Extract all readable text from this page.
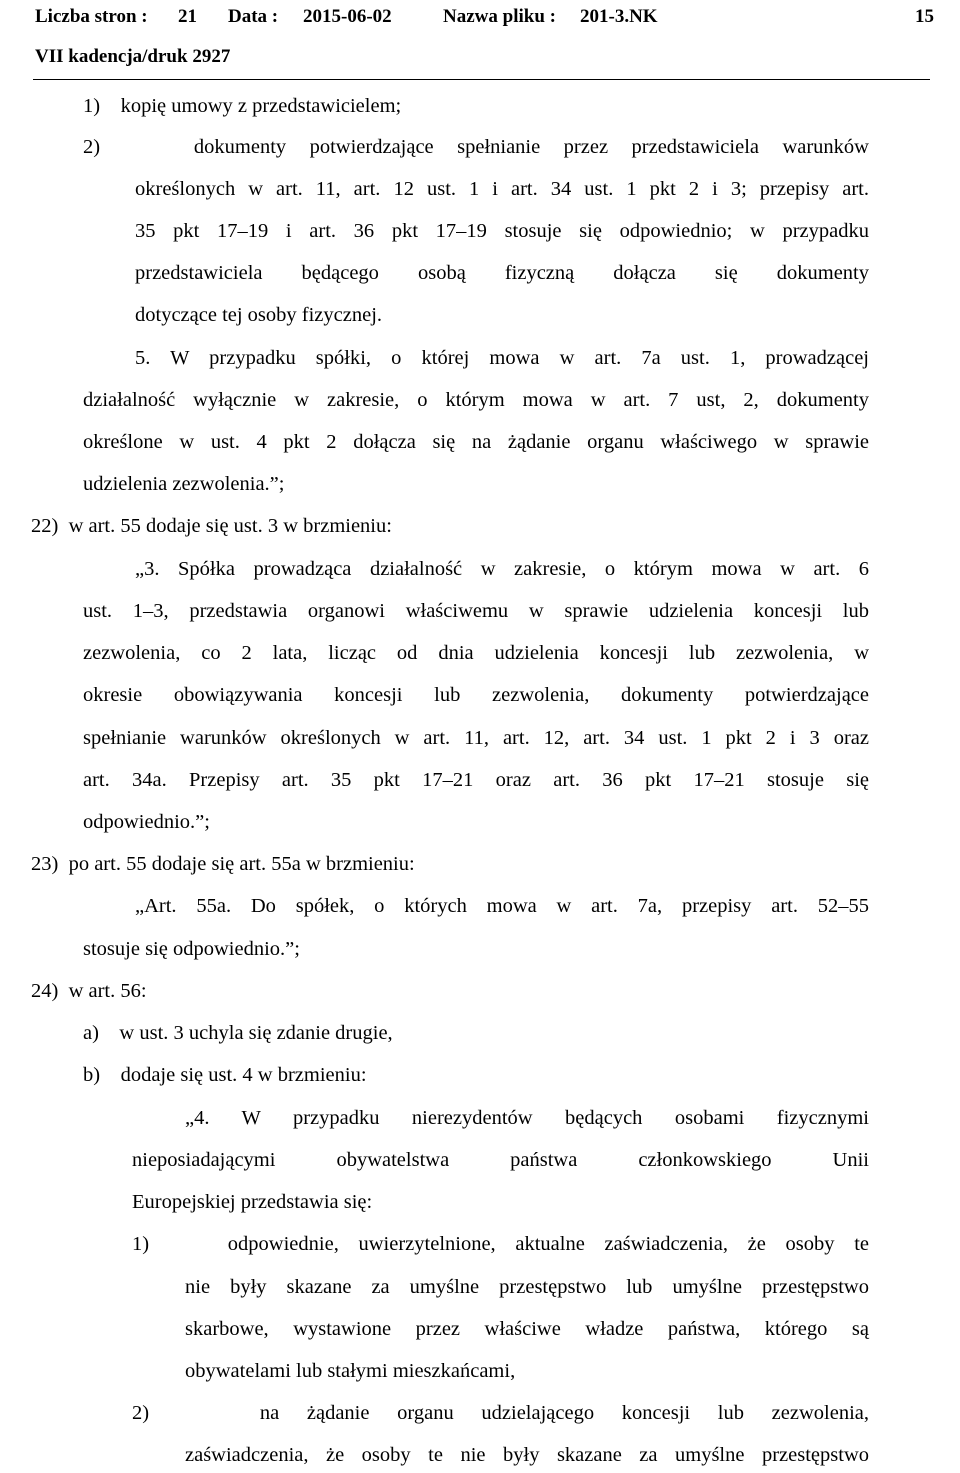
Liczba stron : 21 Data : 2015-06-02	Nazwa pliku : 201-3.NK	15
VII kadencja/druk 2927
1)    kopię umowy z przedstawicielem;
2)    dokumenty potwierdzające spełnianie przez przedstawiciela warunków
określonych w art. 11, art. 12 ust. 1 i art. 34 ust. 1 pkt 2 i 3; przepisy art.
35 pkt 17–19 i art. 36 pkt 17–19 stosuje się odpowiednio; w przypadku
przedstawiciela będącego osobą fizyczną dołącza się dokumenty
dotyczące tej osoby fizycznej.
5. W przypadku spółki, o której mowa w art. 7a ust. 1, prowadzącej
działalność wyłącznie w zakresie, o którym mowa w art. 7 ust, 2, dokumenty
określone w ust. 4 pkt 2 dołącza się na żądanie organu właściwego w sprawie
udzielenia zezwolenia.”;
22)  w art. 55 dodaje się ust. 3 w brzmieniu:
„3. Spółka prowadząca działalność w zakresie, o którym mowa w art. 6
ust. 1–3, przedstawia organowi właściwemu w sprawie udzielenia koncesji lub
zezwolenia, co 2 lata, licząc od dnia udzielenia koncesji lub zezwolenia, w
okresie obowiązywania koncesji lub zezwolenia, dokumenty potwierdzające
spełnianie warunków określonych w art. 11, art. 12, art. 34 ust. 1 pkt 2 i 3 oraz
art. 34a. Przepisy art. 35 pkt 17–21 oraz art. 36 pkt 17–21 stosuje się
odpowiednio.”;
23)  po art. 55 dodaje się art. 55a w brzmieniu:
„Art. 55a. Do spółek, o których mowa w art. 7a, przepisy art. 52–55
stosuje się odpowiednio.”;
24)  w art. 56:
a)    w ust. 3 uchyla się zdanie drugie,
b)    dodaje się ust. 4 w brzmieniu:
„4. W przypadku nierezydentów będących osobami fizycznymi
nieposiadającymi obywatelstwa państwa członkowskiego Unii
Europejskiej przedstawia się:
1)    odpowiednie, uwierzytelnione, aktualne zaświadczenia, że osoby te
nie były skazane za umyślne przestępstwo lub umyślne przestępstwo
skarbowe, wystawione przez właściwe władze państwa, którego są
obywatelami lub stałymi mieszkańcami,
2)    na żądanie organu udzielającego koncesji lub zezwolenia,
zaświadczenia, że osoby te nie były skazane za umyślne przestępstwo
